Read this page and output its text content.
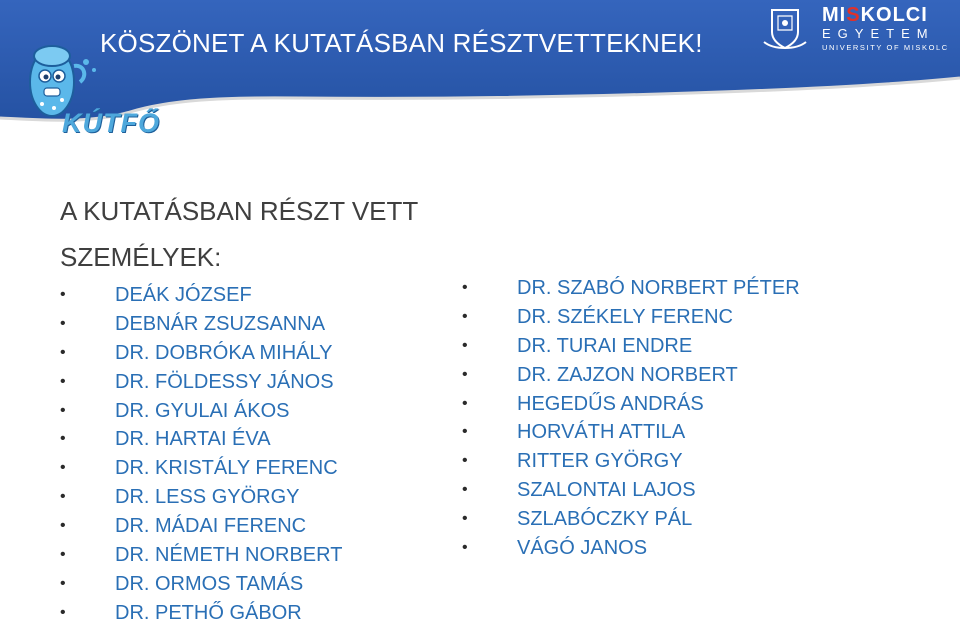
KÖSZÖNET A KUTATÁSBAN RÉSZTVETTEKNEK!
KÚTFŐ
MISKOLCI
EGYETEM
UNIVERSITY OF MISKOLC
A KUTATÁSBAN RÉSZT VETT
SZEMÉLYEK:
• DEÁK JÓZSEF
• DEBNÁR ZSUZSANNA
• DR. DOBRÓKA MIHÁLY
• DR. FÖLDESSY JÁNOS
• DR. GYULAI ÁKOS
• DR. HARTAI ÉVA
• DR. KRISTÁLY FERENC
• DR. LESS GYÖRGY
• DR. MÁDAI FERENC
• DR. NÉMETH NORBERT
• DR. ORMOS TAMÁS
• DR. PETHŐ GÁBOR
• DR. SZABÓ NORBERT PÉTER
• DR. SZÉKELY FERENC
• DR. TURAI ENDRE
• DR. ZAJZON NORBERT
• HEGEDŰS ANDRÁS
• HORVÁTH ATTILA
• RITTER GYÖRGY
• SZALONTAI LAJOS
• SZLABÓCZKY PÁL
• VÁGÓ JANOS
